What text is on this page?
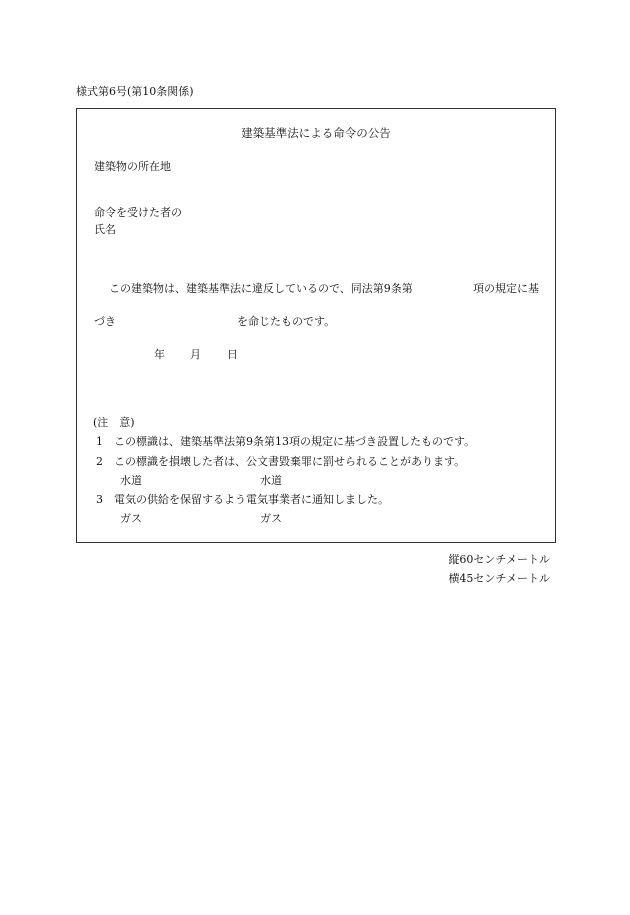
様式第6号(第10条関係)
建築基準法による命令の公告
建築物の所在地
命令を受けた者の
氏名
この建築物は、建築基準法に違反しているので、同法第9条第	項の規定に基
づき	を命じたものです。
年 月 日
(注　意)
1 この標識は、建築基準法第9条第13項の規定に基づき設置したものです。
2 この標識を損壊した者は、公文書毀棄罪に罰せられることがあります。
水道	水道
3 電気の供給を保留するよう電気事業者に通知しました。
ガス	ガス
縦60センチメートル
横45センチメートル
